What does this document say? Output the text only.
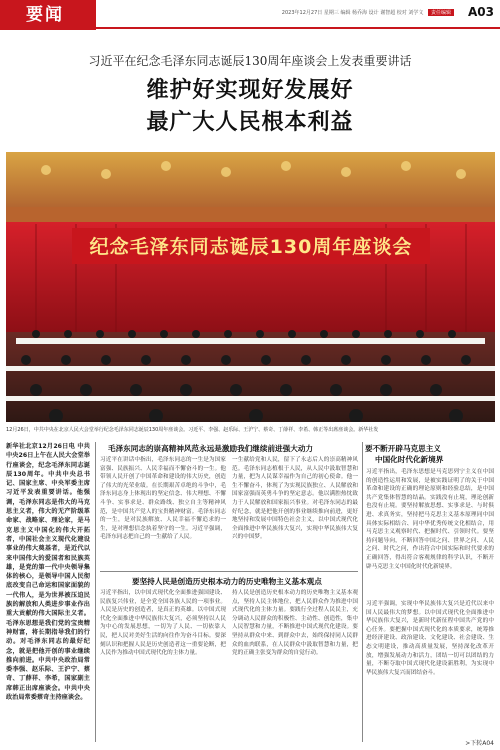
要闻	2023年12月27日 星期三 编辑 杨乔海 设计 谢智超 校对 刘学文 责任编辑 A03
习近平在纪念毛泽东同志诞辰130周年座谈会上发表重要讲话
维护好实现好发展好
最广大人民根本利益
纪念毛泽东同志诞辰130周年座谈会
12月26日，中共中央在北京人民大会堂举行纪念毛泽东同志诞辰130周年座谈会。习近平、李强、赵乐际、王沪宁、蔡奇、丁薛祥、李希、韩正等出席座谈会。新华社发
新华社北京12月26日电 中共中央26日上午在人民大会堂举行座谈会，纪念毛泽东同志诞辰130周年。中共中央总书记、国家主席、中央军委主席习近平发表重要讲话。他强调，毛泽东同志是伟大的马克思主义者，伟大的无产阶级革命家、战略家、理论家，是马克思主义中国化的伟大开拓者，中国社会主义现代化建设事业的伟大奠基者，是近代以来中国伟大的爱国者和民族英雄，是党的第一代中央领导集体的核心，是领导中国人民彻底改变自己命运和国家面貌的一代伟人，是为世界被压迫民族的解放和人类进步事业作出重大贡献的伟大国际主义者。毛泽东思想是我们党的宝贵精神财富，将长期指导我们的行动。对毛泽东同志的最好纪念，就是把他开创的事业继续推向前进。中共中央政治局常委李强、赵乐际、王沪宁、蔡奇、丁薛祥、李希，国家副主席韩正出席座谈会。中共中央政治局常委蔡奇主持座谈会。
毛泽东同志的崇高精神风范永远是激励我们继续前进强大动力
习近平在讲话中指出，毛泽东同志的一生是为国家富强、民族振兴、人民幸福而不懈奋斗的一生。他带领人民开创了中国革命和建设的伟大历史，创造了伟大的光荣业绩。在长期艰苦卓绝的斗争中，毛泽东同志身上体现出的坚定信念、伟大理想、不懈斗争、实事求是、群众路线、独立自主等精神风范，是中国共产党人的宝贵精神财富。毛泽东同志的一生，是对民族解放、人民幸福不懈追求的一生，是对理想信念执着坚守的一生。习近平强调，毛泽东同志把自己的一生献给了人民。
一生献给党和人民，留下了永志后人的崇高精神风范。毛泽东同志植根于人民，从人民中汲取智慧和力量，把为人民谋幸福作为自己的初心使命。他一生不懈奋斗，体现了为实现民族独立、人民解放和国家富强而英勇斗争的坚定意志。他以满腔热忱致力于人民解放和国家振兴事业。对毛泽东同志的最好纪念，就是把他开创的事业继续推向前进，更好地坚持和发展中国特色社会主义，以中国式现代化全面推进中华民族伟大复兴，实现中华民族伟大复兴的中国梦。
要坚持人民是创造历史根本动力的历史唯物主义基本观点
习近平指出，以中国式现代化全面推进强国建设、民族复兴伟业，是全党全国各族人民的一项事业。人民是历史的创造者，是真正的英雄。以中国式现代化全面推进中华民族伟大复兴，必须坚持以人民为中心的发展思想，一切为了人民、一切依靠人民，把人民对美好生活的向往作为奋斗目标。要深刻认识和把握人民是历史创造者这一重要论断，把人民作为推动中国式现代化的主体力量。
持人民是创造历史根本动力的历史唯物主义基本观点，坚持人民主体地位，把人民群众作为推进中国式现代化的主体力量。要践行全过程人民民主，充分调动人民群众的积极性、主动性、创造性，集中人民智慧和力量，不断推进中国式现代化建设。要坚持从群众中来、到群众中去，始终保持同人民群众的血肉联系，在人民群众中汲取智慧和力量，把党的正确主张变为群众的自觉行动。
要不断开辟马克思主义
中国化时代化新境界
习近平指出，毛泽东思想是马克思列宁主义在中国的创造性运用和发展，是被实践证明了的关于中国革命和建设的正确的理论原则和经验总结，是中国共产党集体智慧的结晶。实践没有止境，理论创新也没有止境。要坚持解放思想、实事求是、与时俱进、求真务实，坚持把马克思主义基本原理同中国具体实际相结合、同中华优秀传统文化相结合，用马克思主义观察时代、把握时代、引领时代。要坚持问题导向，不断回答中国之问、世界之问、人民之问、时代之问，作出符合中国实际和时代要求的正确回答，得出符合客观规律的科学认识，不断开辟马克思主义中国化时代化新境界。
习近平强调，实现中华民族伟大复兴是近代以来中国人民最伟大的梦想。以中国式现代化全面推进中华民族伟大复兴，是新时代新征程中国共产党的中心任务。要把握中国式现代化的本质要求，统筹推进经济建设、政治建设、文化建设、社会建设、生态文明建设，推动高质量发展，坚持深化改革开放，增强发展动力和活力，团结一切可以团结的力量，不断夺取中国式现代化建设新胜利，为实现中华民族伟大复兴而团结奋斗。
>下转A04
